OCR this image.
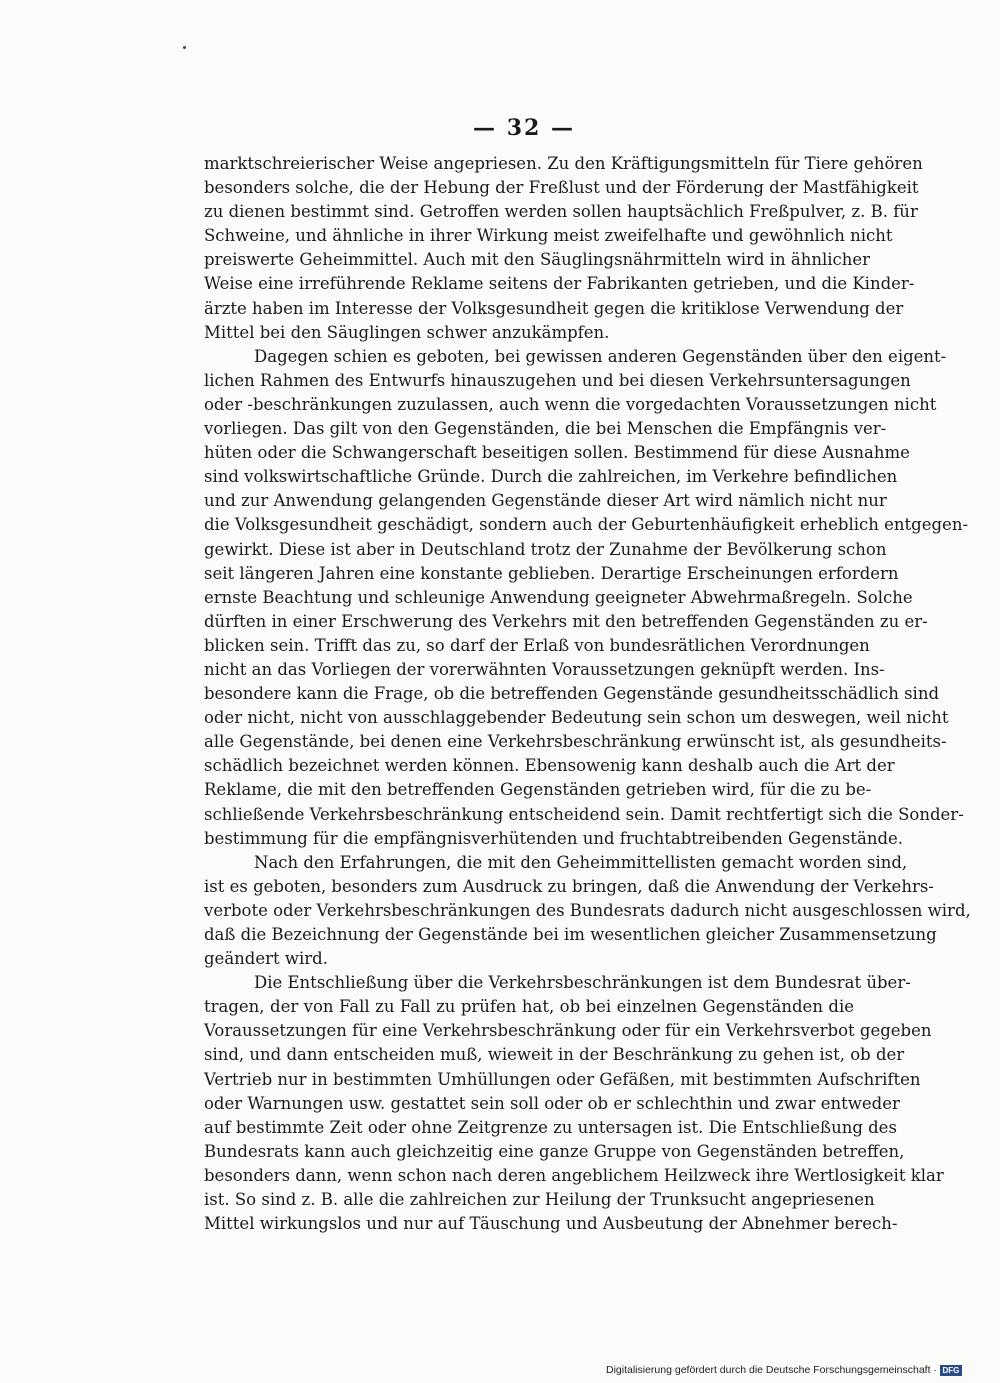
— 32 —
marktschreierischer Weise angepriesen. Zu den Kräftigungsmitteln für Tiere gehören
besonders solche, die der Hebung der Freßlust und der Förderung der Mastfähigkeit
zu dienen bestimmt sind. Getroffen werden sollen hauptsächlich Freßpulver, z. B. für
Schweine, und ähnliche in ihrer Wirkung meist zweifelhafte und gewöhnlich nicht
preiswerte Geheimmittel. Auch mit den Säuglingsnährmitteln wird in ähnlicher
Weise eine irreführende Reklame seitens der Fabrikanten getrieben, und die Kinder-
ärzte haben im Interesse der Volksgesundheit gegen die kritiklose Verwendung der
Mittel bei den Säuglingen schwer anzukämpfen.
Dagegen schien es geboten, bei gewissen anderen Gegenständen über den eigent-
lichen Rahmen des Entwurfs hinauszugehen und bei diesen Verkehrsuntersagungen
oder -beschränkungen zuzulassen, auch wenn die vorgedachten Voraussetzungen nicht
vorliegen. Das gilt von den Gegenständen, die bei Menschen die Empfängnis ver-
hüten oder die Schwangerschaft beseitigen sollen. Bestimmend für diese Ausnahme
sind volkswirtschaftliche Gründe. Durch die zahlreichen, im Verkehre befindlichen
und zur Anwendung gelangenden Gegenstände dieser Art wird nämlich nicht nur
die Volksgesundheit geschädigt, sondern auch der Geburtenhäufigkeit erheblich entgegen-
gewirkt. Diese ist aber in Deutschland trotz der Zunahme der Bevölkerung schon
seit längeren Jahren eine konstante geblieben. Derartige Erscheinungen erfordern
ernste Beachtung und schleunige Anwendung geeigneter Abwehrmaßregeln. Solche
dürften in einer Erschwerung des Verkehrs mit den betreffenden Gegenständen zu er-
blicken sein. Trifft das zu, so darf der Erlaß von bundesrätlichen Verordnungen
nicht an das Vorliegen der vorerwähnten Voraussetzungen geknüpft werden. Ins-
besondere kann die Frage, ob die betreffenden Gegenstände gesundheitsschädlich sind
oder nicht, nicht von ausschlaggebender Bedeutung sein schon um deswegen, weil nicht
alle Gegenstände, bei denen eine Verkehrsbeschränkung erwünscht ist, als gesundheits-
schädlich bezeichnet werden können. Ebensowenig kann deshalb auch die Art der
Reklame, die mit den betreffenden Gegenständen getrieben wird, für die zu be-
schließende Verkehrsbeschränkung entscheidend sein. Damit rechtfertigt sich die Sonder-
bestimmung für die empfängnisverhütenden und fruchtabtreibenden Gegenstände.
Nach den Erfahrungen, die mit den Geheimmittellisten gemacht worden sind,
ist es geboten, besonders zum Ausdruck zu bringen, daß die Anwendung der Verkehrs-
verbote oder Verkehrsbeschränkungen des Bundesrats dadurch nicht ausgeschlossen wird,
daß die Bezeichnung der Gegenstände bei im wesentlichen gleicher Zusammensetzung
geändert wird.
Die Entschließung über die Verkehrsbeschränkungen ist dem Bundesrat über-
tragen, der von Fall zu Fall zu prüfen hat, ob bei einzelnen Gegenständen die
Voraussetzungen für eine Verkehrsbeschränkung oder für ein Verkehrsverbot gegeben
sind, und dann entscheiden muß, wieweit in der Beschränkung zu gehen ist, ob der
Vertrieb nur in bestimmten Umhüllungen oder Gefäßen, mit bestimmten Aufschriften
oder Warnungen usw. gestattet sein soll oder ob er schlechthin und zwar entweder
auf bestimmte Zeit oder ohne Zeitgrenze zu untersagen ist. Die Entschließung des
Bundesrats kann auch gleichzeitig eine ganze Gruppe von Gegenständen betreffen,
besonders dann, wenn schon nach deren angeblichem Heilzweck ihre Wertlosigkeit klar
ist. So sind z. B. alle die zahlreichen zur Heilung der Trunksucht angepriesenen
Mittel wirkungslos und nur auf Täuschung und Ausbeutung der Abnehmer berech-
Digitalisierung gefördert durch die Deutsche Forschungsgemeinschaft · DFG
